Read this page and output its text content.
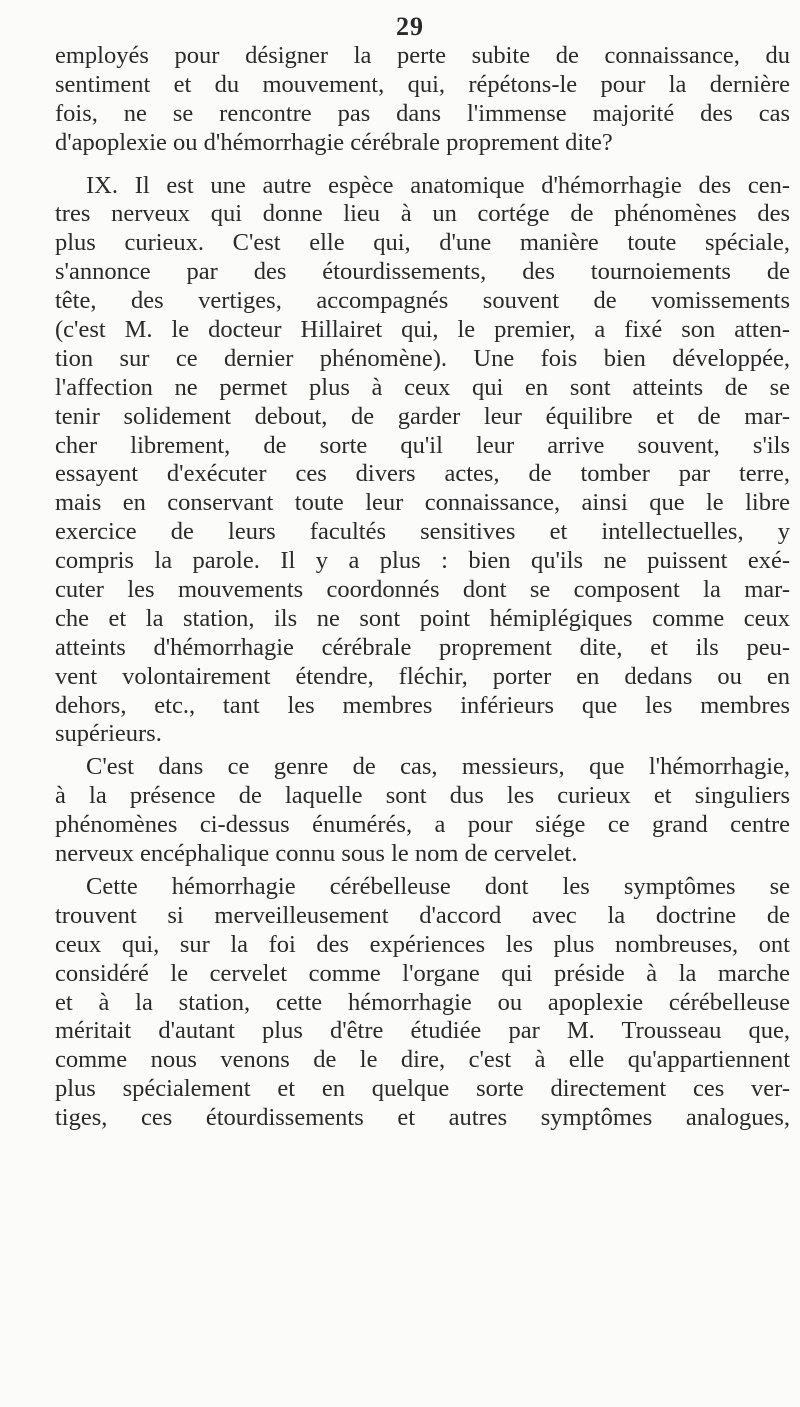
29
employés pour désigner la perte subite de connaissance, du
sentiment et du mouvement, qui, répétons-le pour la dernière
fois, ne se rencontre pas dans l'immense majorité des cas
d'apoplexie ou d'hémorrhagie cérébrale proprement dite?
IX. Il est une autre espèce anatomique d'hémorrhagie des cen-
tres nerveux qui donne lieu à un cortége de phénomènes des
plus curieux. C'est elle qui, d'une manière toute spéciale,
s'annonce par des étourdissements, des tournoiements de
tête, des vertiges, accompagnés souvent de vomissements
(c'est M. le docteur Hillairet qui, le premier, a fixé son atten-
tion sur ce dernier phénomène). Une fois bien développée,
l'affection ne permet plus à ceux qui en sont atteints de se
tenir solidement debout, de garder leur équilibre et de mar-
cher librement, de sorte qu'il leur arrive souvent, s'ils
essayent d'exécuter ces divers actes, de tomber par terre,
mais en conservant toute leur connaissance, ainsi que le libre
exercice de leurs facultés sensitives et intellectuelles, y
compris la parole. Il y a plus : bien qu'ils ne puissent exé-
cuter les mouvements coordonnés dont se composent la mar-
che et la station, ils ne sont point hémiplégiques comme ceux
atteints d'hémorrhagie cérébrale proprement dite, et ils peu-
vent volontairement étendre, fléchir, porter en dedans ou en
dehors, etc., tant les membres inférieurs que les membres
supérieurs.
C'est dans ce genre de cas, messieurs, que l'hémorrhagie,
à la présence de laquelle sont dus les curieux et singuliers
phénomènes ci-dessus énumérés, a pour siége ce grand centre
nerveux encéphalique connu sous le nom de cervelet.
Cette hémorrhagie cérébelleuse dont les symptômes se
trouvent si merveilleusement d'accord avec la doctrine de
ceux qui, sur la foi des expériences les plus nombreuses, ont
considéré le cervelet comme l'organe qui préside à la marche
et à la station, cette hémorrhagie ou apoplexie cérébelleuse
méritait d'autant plus d'être étudiée par M. Trousseau que,
comme nous venons de le dire, c'est à elle qu'appartiennent
plus spécialement et en quelque sorte directement ces ver-
tiges, ces étourdissements et autres symptômes analogues,
